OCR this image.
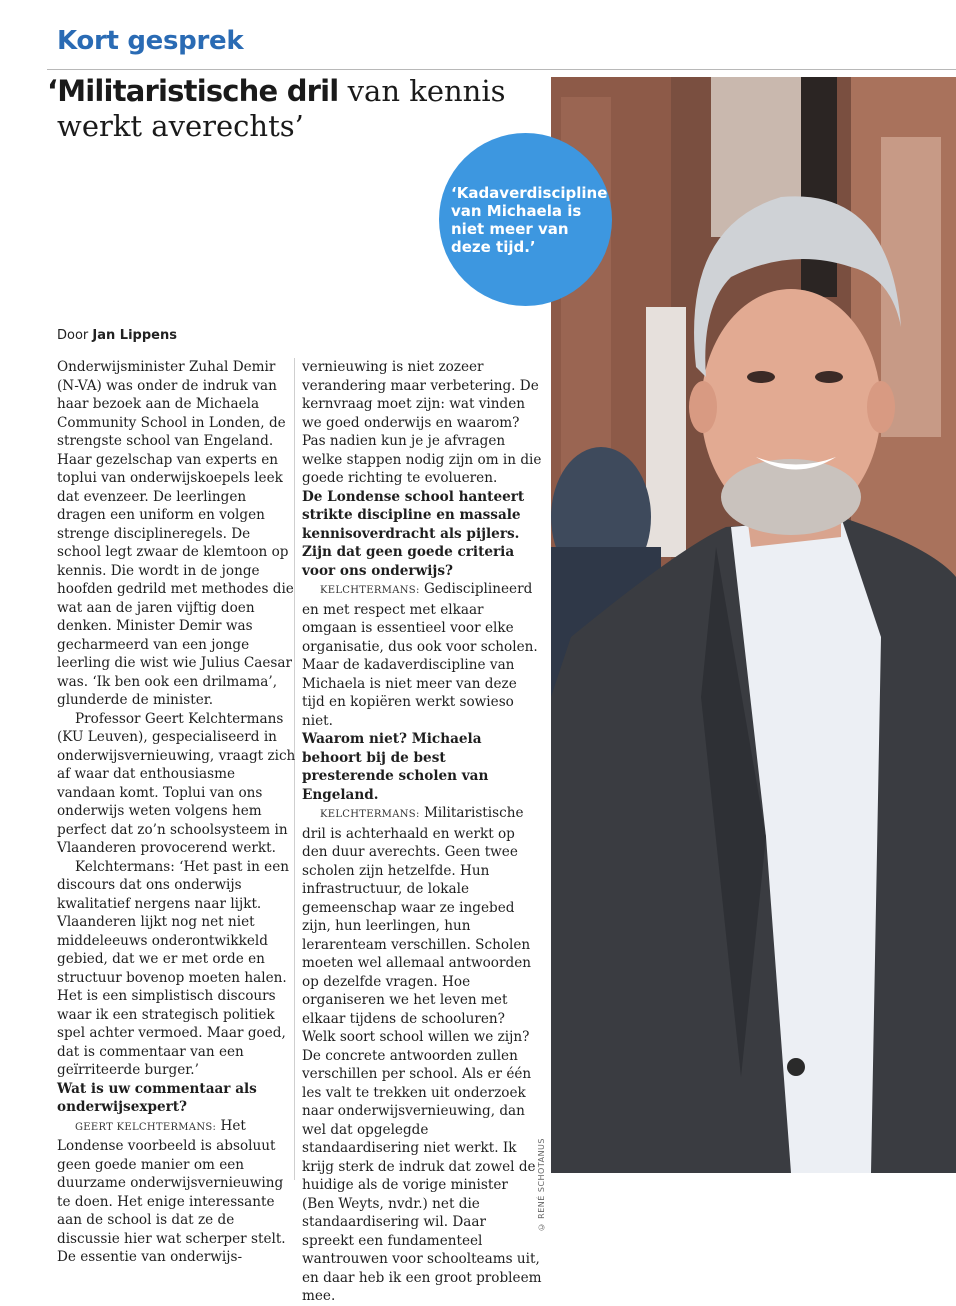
Kort gesprek
‘Militaristische dril van kennis
werkt averechts’
© RENÉ SCHOTANUS

‘Kadaverdiscipline van Michaela is niet meer van deze tijd.’

Door Jan Lippens

Onderwijsminister Zuhal Demir (N-VA) was onder de indruk van haar bezoek aan de Michaela Community School in Londen, de strengste school van Engeland. Haar gezelschap van experts en toplui van onderwijskoepels leek dat evenzeer. De leerlingen dragen een uniform en volgen strenge disciplineregels. De school legt zwaar de klemtoon op kennis. Die wordt in de jonge hoofden gedrild met methodes die wat aan de jaren vijftig doen denken. Minister Demir was gecharmeerd van een jonge leerling die wist wie Julius Caesar was. ‘Ik ben ook een drilmama’, glunderde de minister.

Professor Geert Kelchtermans (KU Leuven), gespecialiseerd in onderwijsvernieuwing, vraagt zich af waar dat enthousiasme vandaan komt. Toplui van ons onderwijs weten volgens hem perfect dat zo’n schoolsysteem in Vlaanderen provocerend werkt.

Kelchtermans: ‘Het past in een discours dat ons onderwijs kwalitatief nergens naar lijkt. Vlaanderen lijkt nog net niet middeleeuws onderontwikkeld gebied, dat we er met orde en structuur bovenop moeten halen. Het is een simplistisch discours waar ik een strategisch politiek spel achter vermoed. Maar goed, dat is commentaar van een geïrriteerde burger.’

Wat is uw commentaar als onderwijsexpert?

GEERT KELCHTERMANS: Het Londense voorbeeld is absoluut geen goede manier om een duurzame onderwijsvernieuwing te doen. Het enige interessante aan de school is dat ze de discussie hier wat scherper stelt. De essentie van onderwijs-

vernieuwing is niet zozeer verandering maar verbetering. De kernvraag moet zijn: wat vinden we goed onderwijs en waarom? Pas nadien kun je je afvragen welke stappen nodig zijn om in die goede richting te evolueren.

De Londense school hanteert strikte discipline en massale kennisoverdracht als pijlers. Zijn dat geen goede criteria voor ons onderwijs?

KELCHTERMANS: Gedisciplineerd en met respect met elkaar omgaan is essentieel voor elke organisatie, dus ook voor scholen. Maar de kadaverdiscipline van Michaela is niet meer van deze tijd en kopiëren werkt sowieso niet.

Waarom niet? Michaela behoort bij de best presterende scholen van Engeland.

KELCHTERMANS: Militaristische dril is achterhaald en werkt op den duur averechts. Geen twee scholen zijn hetzelfde. Hun infrastructuur, de lokale gemeenschap waar ze ingebed zijn, hun leerlingen, hun lerarenteam verschillen. Scholen moeten wel allemaal antwoorden op dezelfde vragen. Hoe organiseren we het leven met elkaar tijdens de schooluren? Welk soort school willen we zijn? De concrete antwoorden zullen verschillen per school. Als er één les valt te trekken uit onderzoek naar onderwijsvernieuwing, dan wel dat opgelegde standaardisering niet werkt. Ik krijg sterk de indruk dat zowel de huidige als de vorige minister (Ben Weyts, nvdr.) net die standaardisering wil. Daar spreekt een fundamenteel wantrouwen voor schoolteams uit, en daar heb ik een groot probleem mee.
